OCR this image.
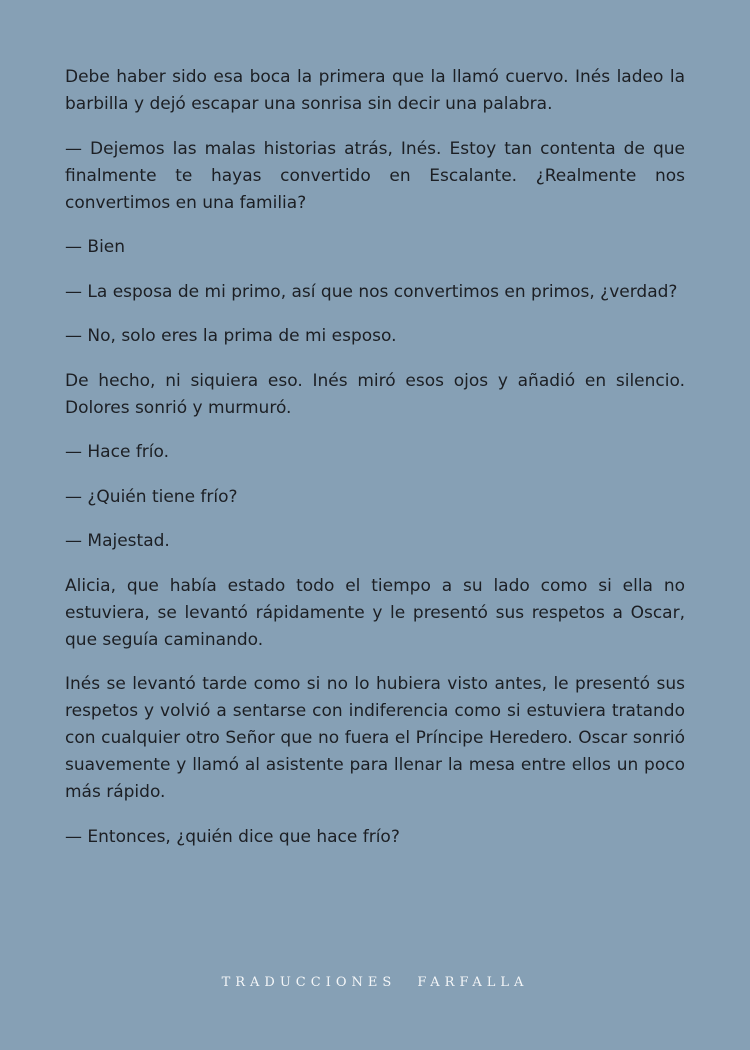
Debe haber sido esa boca la primera que la llamó cuervo. Inés ladeo la barbilla y dejó escapar una sonrisa sin decir una palabra.

— Dejemos las malas historias atrás, Inés. Estoy tan contenta de que finalmente te hayas convertido en Escalante. ¿Realmente nos convertimos en una familia?

— Bien

— La esposa de mi primo, así que nos convertimos en primos, ¿verdad?

— No, solo eres la prima de mi esposo.

De hecho, ni siquiera eso. Inés miró esos ojos y añadió en silencio. Dolores sonrió y murmuró.

— Hace frío.

— ¿Quién tiene frío?

— Majestad.

Alicia, que había estado todo el tiempo a su lado como si ella no estuviera, se levantó rápidamente y le presentó sus respetos a Oscar, que seguía caminando.

Inés se levantó tarde como si no lo hubiera visto antes, le presentó sus respetos y volvió a sentarse con indiferencia como si estuviera tratando con cualquier otro Señor que no fuera el Príncipe Heredero. Oscar sonrió suavemente y llamó al asistente para llenar la mesa entre ellos un poco más rápido.

— Entonces, ¿quién dice que hace frío?

TRADUCCIONES FARFALLA
